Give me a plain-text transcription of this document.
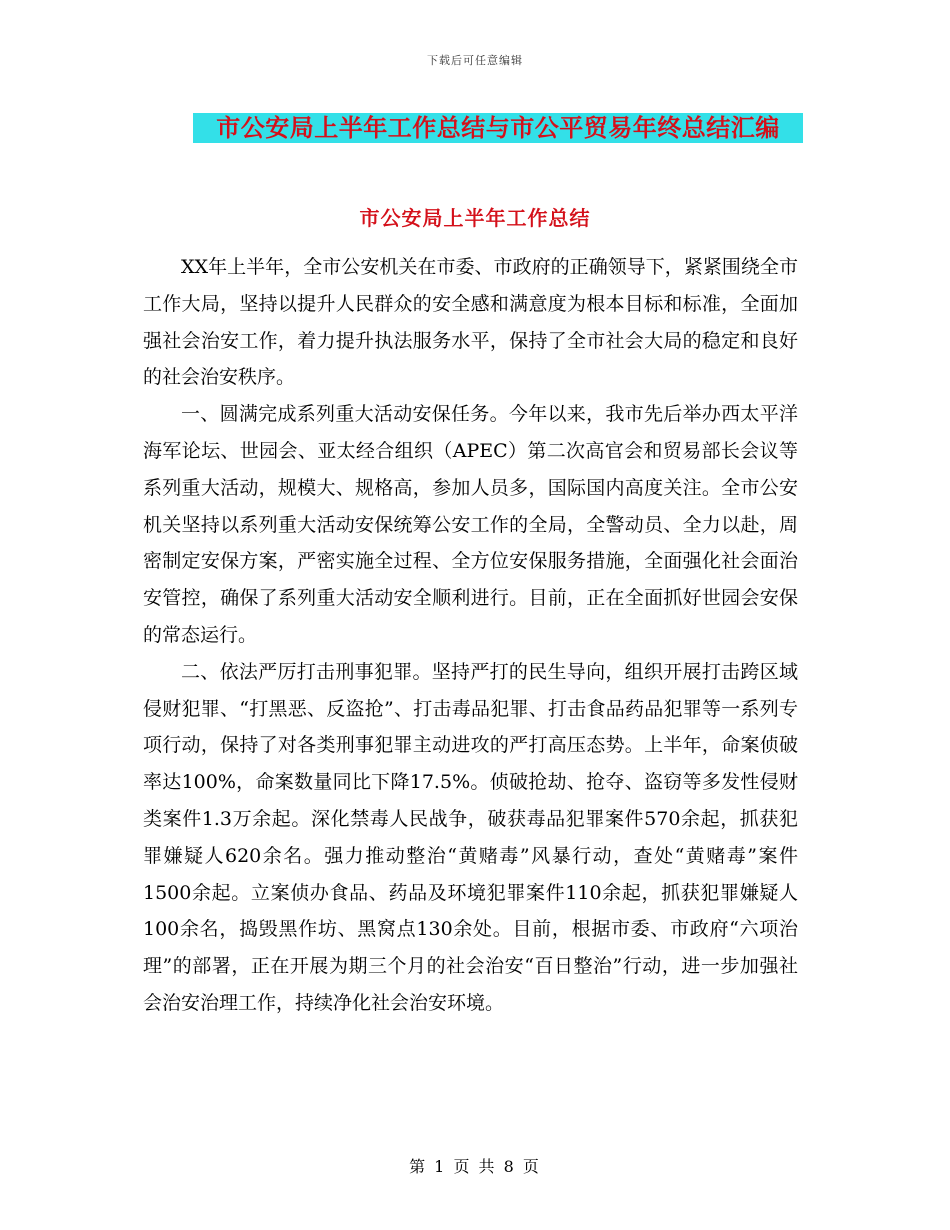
下载后可任意编辑
市公安局上半年工作总结与市公平贸易年终总结汇编
市公安局上半年工作总结

XX年上半年，全市公安机关在市委、市政府的正确领导下，紧紧围绕全市工作大局，坚持以提升人民群众的安全感和满意度为根本目标和标准，全面加强社会治安工作，着力提升执法服务水平，保持了全市社会大局的稳定和良好的社会治安秩序。

一、圆满完成系列重大活动安保任务。今年以来，我市先后举办西太平洋海军论坛、世园会、亚太经合组织（APEC）第二次高官会和贸易部长会议等系列重大活动，规模大、规格高，参加人员多，国际国内高度关注。全市公安机关坚持以系列重大活动安保统筹公安工作的全局，全警动员、全力以赴，周密制定安保方案，严密实施全过程、全方位安保服务措施，全面强化社会面治安管控，确保了系列重大活动安全顺利进行。目前，正在全面抓好世园会安保的常态运行。

二、依法严厉打击刑事犯罪。坚持严打的民生导向，组织开展打击跨区域侵财犯罪、“打黑恶、反盗抢”、打击毒品犯罪、打击食品药品犯罪等一系列专项行动，保持了对各类刑事犯罪主动进攻的严打高压态势。上半年，命案侦破率达100%，命案数量同比下降17.5%。侦破抢劫、抢夺、盗窃等多发性侵财类案件1.3万余起。深化禁毒人民战争，破获毒品犯罪案件570余起，抓获犯罪嫌疑人620余名。强力推动整治“黄赌毒”风暴行动，查处“黄赌毒”案件1500余起。立案侦办食品、药品及环境犯罪案件110余起，抓获犯罪嫌疑人100余名，捣毁黑作坊、黑窝点130余处。目前，根据市委、市政府“六项治理”的部署，正在开展为期三个月的社会治安“百日整治”行动，进一步加强社会治安治理工作，持续净化社会治安环境。

第 1 页 共 8 页
